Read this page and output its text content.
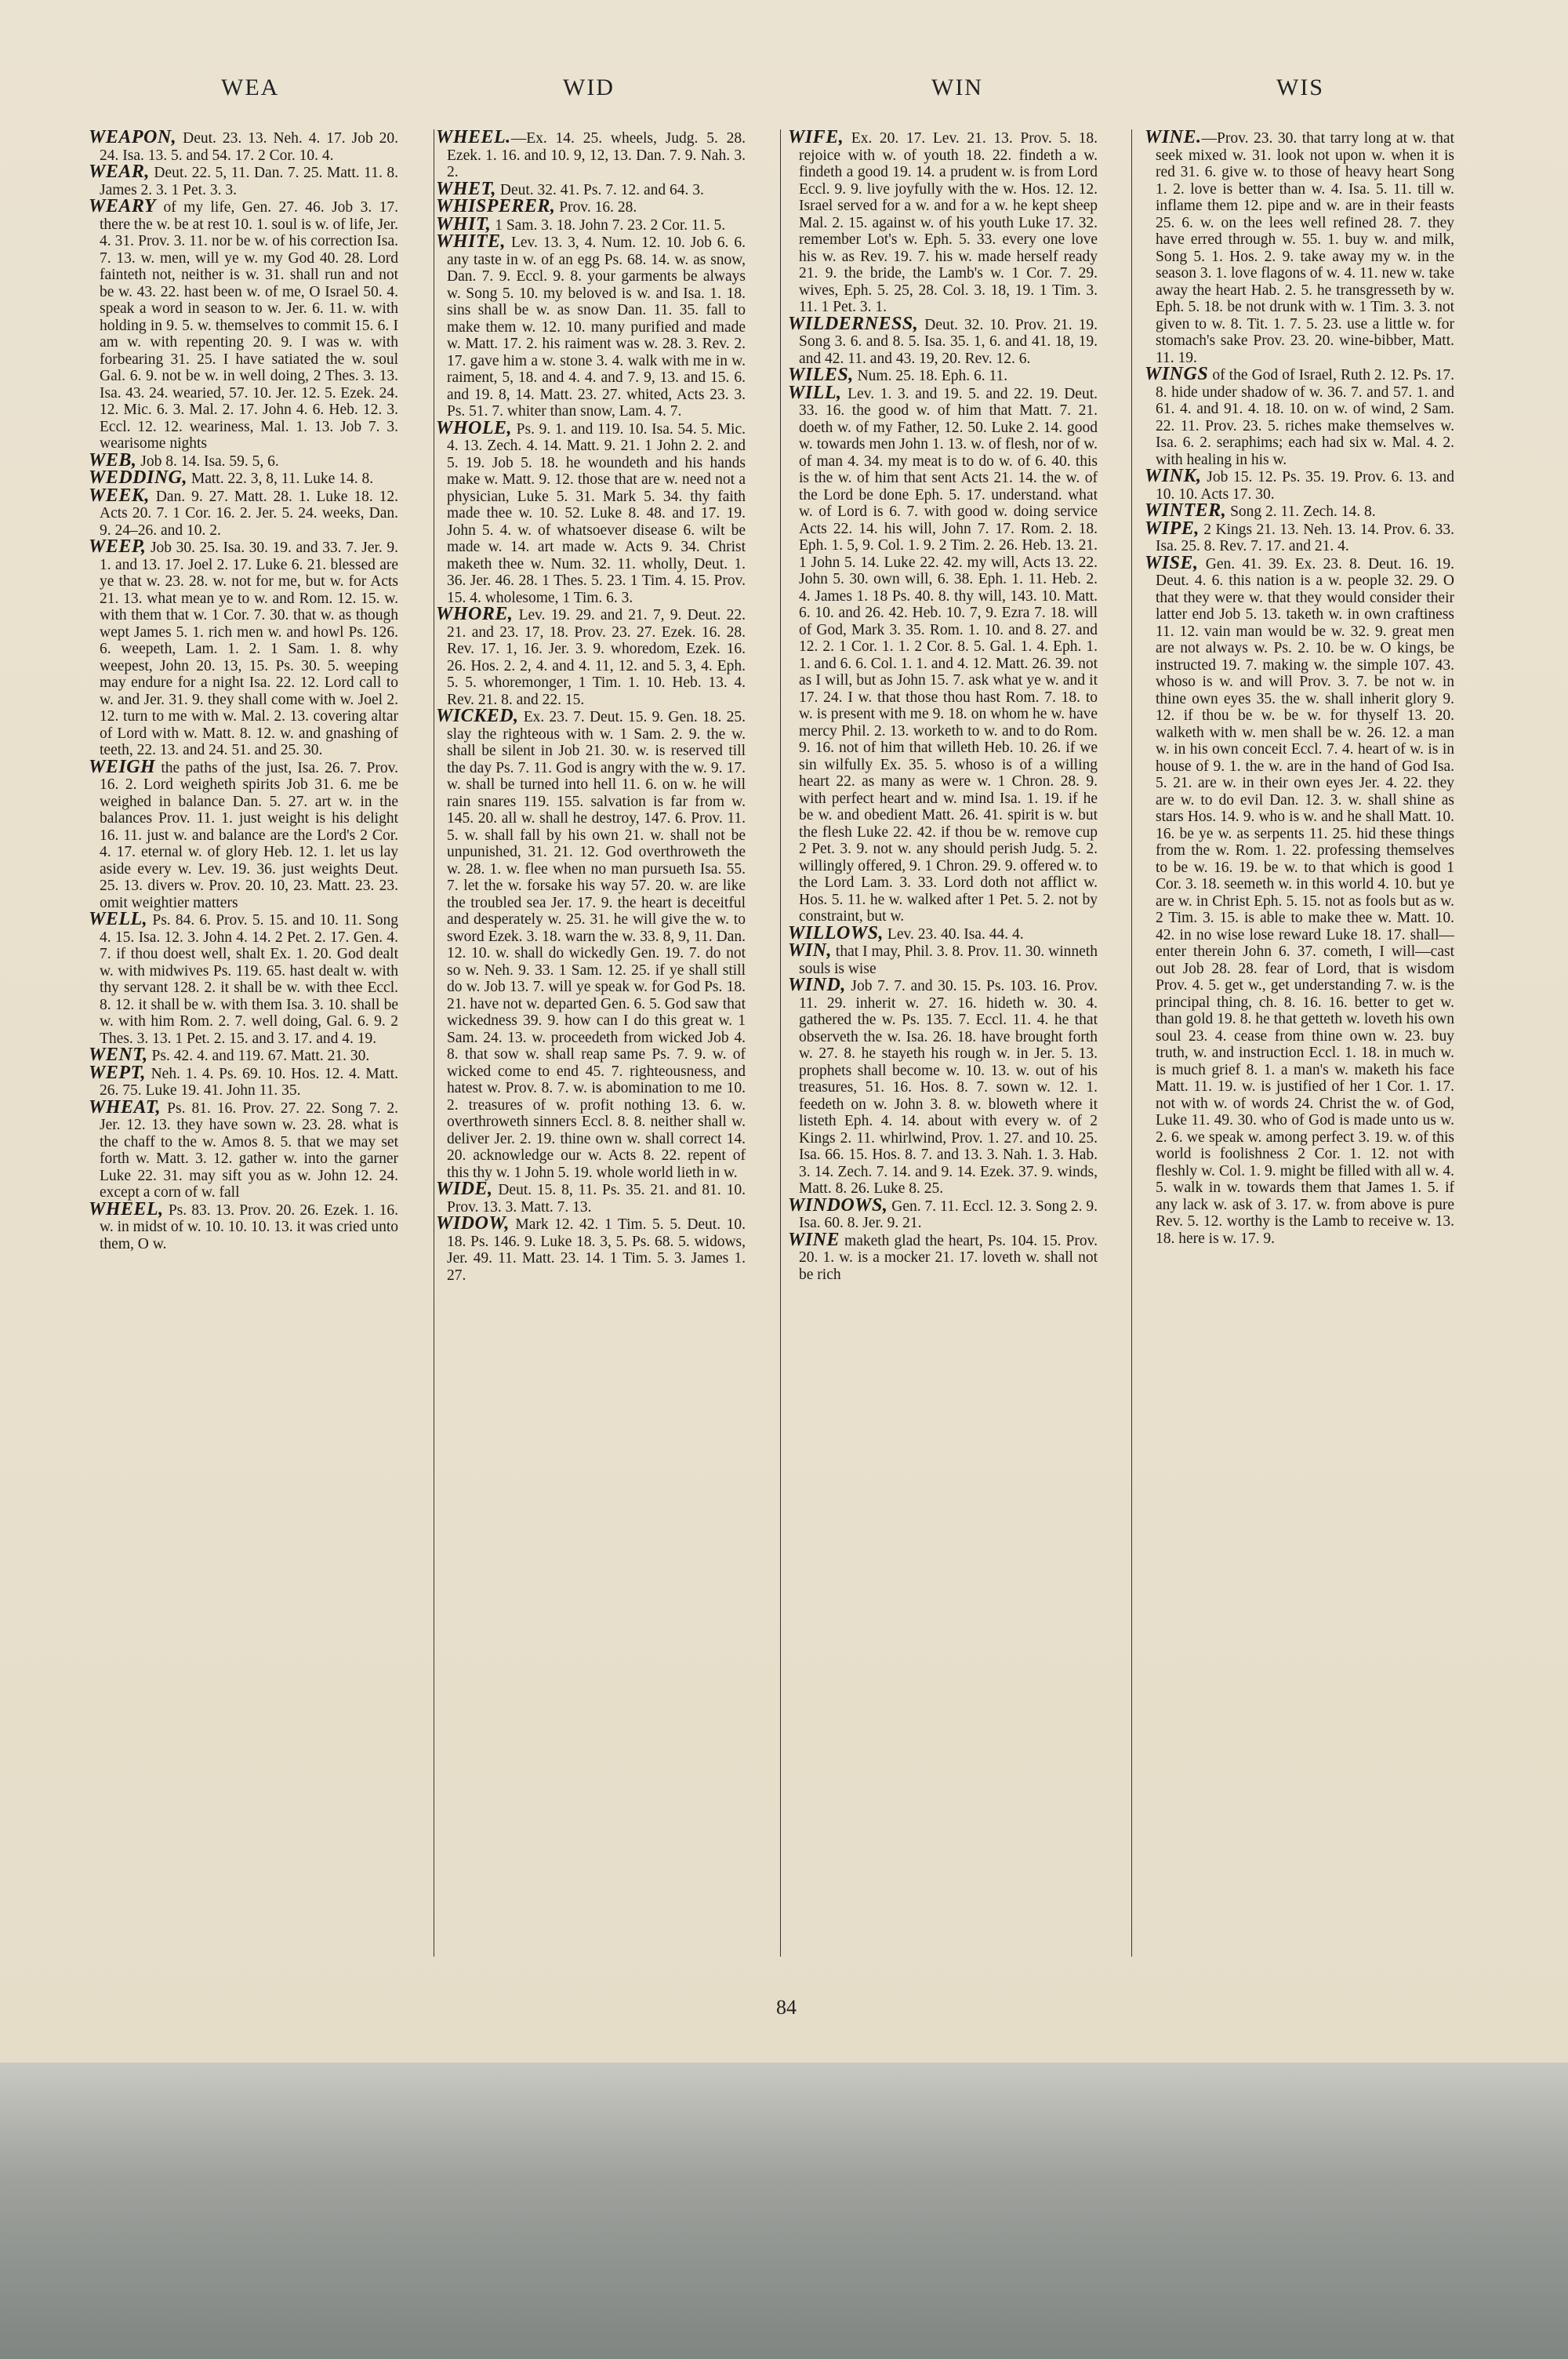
WEA	WID	WIN	WIS

WEAPON, Deut. 23. 13. Neh. 4. 17. Job 20. 24. Isa. 13. 5. and 54. 17. 2 Cor. 10. 4.

WEAR, Deut. 22. 5, 11. Dan. 7. 25. Matt. 11. 8. James 2. 3. 1 Pet. 3. 3.

WEARY of my life, Gen. 27. 46. Job 3. 17. there the w. be at rest 10. 1. soul is w. of life, Jer. 4. 31. Prov. 3. 11. nor be w. of his correction Isa. 7. 13. w. men, will ye w. my God 40. 28. Lord fainteth not, neither is w. 31. shall run and not be w. 43. 22. hast been w. of me, O Israel 50. 4. speak a word in season to w. Jer. 6. 11. w. with holding in 9. 5. w. themselves to commit 15. 6. I am w. with repenting 20. 9. I was w. with forbearing 31. 25. I have satiated the w. soul Gal. 6. 9. not be w. in well doing, 2 Thes. 3. 13. Isa. 43. 24. wearied, 57. 10. Jer. 12. 5. Ezek. 24. 12. Mic. 6. 3. Mal. 2. 17. John 4. 6. Heb. 12. 3. Eccl. 12. 12. weariness, Mal. 1. 13. Job 7. 3. wearisome nights

WEB, Job 8. 14. Isa. 59. 5, 6.

WEDDING, Matt. 22. 3, 8, 11. Luke 14. 8.

WEEK, Dan. 9. 27. Matt. 28. 1. Luke 18. 12. Acts 20. 7. 1 Cor. 16. 2. Jer. 5. 24. weeks, Dan. 9. 24–26. and 10. 2.

WEEP, Job 30. 25. Isa. 30. 19. and 33. 7. Jer. 9. 1. and 13. 17. Joel 2. 17. Luke 6. 21. blessed are ye that w. 23. 28. w. not for me, but w. for Acts 21. 13. what mean ye to w. and Rom. 12. 15. w. with them that w. 1 Cor. 7. 30. that w. as though wept James 5. 1. rich men w. and howl Ps. 126. 6. weepeth, Lam. 1. 2. 1 Sam. 1. 8. why weepest, John 20. 13, 15. Ps. 30. 5. weeping may endure for a night Isa. 22. 12. Lord call to w. and Jer. 31. 9. they shall come with w. Joel 2. 12. turn to me with w. Mal. 2. 13. covering altar of Lord with w. Matt. 8. 12. w. and gnashing of teeth, 22. 13. and 24. 51. and 25. 30.

WEIGH the paths of the just, Isa. 26. 7. Prov. 16. 2. Lord weigheth spirits Job 31. 6. me be weighed in balance Dan. 5. 27. art w. in the balances Prov. 11. 1. just weight is his delight 16. 11. just w. and balance are the Lord's 2 Cor. 4. 17. eternal w. of glory Heb. 12. 1. let us lay aside every w. Lev. 19. 36. just weights Deut. 25. 13. divers w. Prov. 20. 10, 23. Matt. 23. 23. omit weightier matters

WELL, Ps. 84. 6. Prov. 5. 15. and 10. 11. Song 4. 15. Isa. 12. 3. John 4. 14. 2 Pet. 2. 17. Gen. 4. 7. if thou doest well, shalt Ex. 1. 20. God dealt w. with midwives Ps. 119. 65. hast dealt w. with thy servant 128. 2. it shall be w. with thee Eccl. 8. 12. it shall be w. with them Isa. 3. 10. shall be w. with him Rom. 2. 7. well doing, Gal. 6. 9. 2 Thes. 3. 13. 1 Pet. 2. 15. and 3. 17. and 4. 19.

WENT, Ps. 42. 4. and 119. 67. Matt. 21. 30.

WEPT, Neh. 1. 4. Ps. 69. 10. Hos. 12. 4. Matt. 26. 75. Luke 19. 41. John 11. 35.

WHEAT, Ps. 81. 16. Prov. 27. 22. Song 7. 2. Jer. 12. 13. they have sown w. 23. 28. what is the chaff to the w. Amos 8. 5. that we may set forth w. Matt. 3. 12. gather w. into the garner Luke 22. 31. may sift you as w. John 12. 24. except a corn of w. fall

WHEEL, Ps. 83. 13. Prov. 20. 26. Ezek. 1. 16. w. in midst of w. 10. 10. 10. 13. it was cried unto them, O w.

WHEEL.—Ex. 14. 25. wheels, Judg. 5. 28. Ezek. 1. 16. and 10. 9, 12, 13. Dan. 7. 9. Nah. 3. 2.

WHET, Deut. 32. 41. Ps. 7. 12. and 64. 3.

WHISPERER, Prov. 16. 28.

WHIT, 1 Sam. 3. 18. John 7. 23. 2 Cor. 11. 5.

WHITE, Lev. 13. 3, 4. Num. 12. 10. Job 6. 6. any taste in w. of an egg Ps. 68. 14. w. as snow, Dan. 7. 9. Eccl. 9. 8. your garments be always w. Song 5. 10. my beloved is w. and Isa. 1. 18. sins shall be w. as snow Dan. 11. 35. fall to make them w. 12. 10. many purified and made w. Matt. 17. 2. his raiment was w. 28. 3. Rev. 2. 17. gave him a w. stone 3. 4. walk with me in w. raiment, 5, 18. and 4. 4. and 7. 9, 13. and 15. 6. and 19. 8, 14. Matt. 23. 27. whited, Acts 23. 3. Ps. 51. 7. whiter than snow, Lam. 4. 7.

WHOLE, Ps. 9. 1. and 119. 10. Isa. 54. 5. Mic. 4. 13. Zech. 4. 14. Matt. 9. 21. 1 John 2. 2. and 5. 19. Job 5. 18. he woundeth and his hands make w. Matt. 9. 12. those that are w. need not a physician, Luke 5. 31. Mark 5. 34. thy faith made thee w. 10. 52. Luke 8. 48. and 17. 19. John 5. 4. w. of whatsoever disease 6. wilt be made w. 14. art made w. Acts 9. 34. Christ maketh thee w. Num. 32. 11. wholly, Deut. 1. 36. Jer. 46. 28. 1 Thes. 5. 23. 1 Tim. 4. 15. Prov. 15. 4. wholesome, 1 Tim. 6. 3.

WHORE, Lev. 19. 29. and 21. 7, 9. Deut. 22. 21. and 23. 17, 18. Prov. 23. 27. Ezek. 16. 28. Rev. 17. 1, 16. Jer. 3. 9. whoredom, Ezek. 16. 26. Hos. 2. 2, 4. and 4. 11, 12. and 5. 3, 4. Eph. 5. 5. whoremonger, 1 Tim. 1. 10. Heb. 13. 4. Rev. 21. 8. and 22. 15.

WICKED, Ex. 23. 7. Deut. 15. 9. Gen. 18. 25. slay the righteous with w. 1 Sam. 2. 9. the w. shall be silent in Job 21. 30. w. is reserved till the day Ps. 7. 11. God is angry with the w. 9. 17. w. shall be turned into hell 11. 6. on w. he will rain snares 119. 155. salvation is far from w. 145. 20. all w. shall he destroy, 147. 6. Prov. 11. 5. w. shall fall by his own 21. w. shall not be unpunished, 31. 21. 12. God overthroweth the w. 28. 1. w. flee when no man pursueth Isa. 55. 7. let the w. forsake his way 57. 20. w. are like the troubled sea Jer. 17. 9. the heart is deceitful and desperately w. 25. 31. he will give the w. to sword Ezek. 3. 18. warn the w. 33. 8, 9, 11. Dan. 12. 10. w. shall do wickedly Gen. 19. 7. do not so w. Neh. 9. 33. 1 Sam. 12. 25. if ye shall still do w. Job 13. 7. will ye speak w. for God Ps. 18. 21. have not w. departed Gen. 6. 5. God saw that wickedness 39. 9. how can I do this great w. 1 Sam. 24. 13. w. proceedeth from wicked Job 4. 8. that sow w. shall reap same Ps. 7. 9. w. of wicked come to end 45. 7. righteousness, and hatest w. Prov. 8. 7. w. is abomination to me 10. 2. treasures of w. profit nothing 13. 6. w. overthroweth sinners Eccl. 8. 8. neither shall w. deliver Jer. 2. 19. thine own w. shall correct 14. 20. acknowledge our w. Acts 8. 22. repent of this thy w. 1 John 5. 19. whole world lieth in w.

WIDE, Deut. 15. 8, 11. Ps. 35. 21. and 81. 10. Prov. 13. 3. Matt. 7. 13.

WIDOW, Mark 12. 42. 1 Tim. 5. 5. Deut. 10. 18. Ps. 146. 9. Luke 18. 3, 5. Ps. 68. 5. widows, Jer. 49. 11. Matt. 23. 14. 1 Tim. 5. 3. James 1. 27.

WIFE, Ex. 20. 17. Lev. 21. 13. Prov. 5. 18. rejoice with w. of youth 18. 22. findeth a w. findeth a good 19. 14. a prudent w. is from Lord Eccl. 9. 9. live joyfully with the w. Hos. 12. 12. Israel served for a w. and for a w. he kept sheep Mal. 2. 15. against w. of his youth Luke 17. 32. remember Lot's w. Eph. 5. 33. every one love his w. as Rev. 19. 7. his w. made herself ready 21. 9. the bride, the Lamb's w. 1 Cor. 7. 29. wives, Eph. 5. 25, 28. Col. 3. 18, 19. 1 Tim. 3. 11. 1 Pet. 3. 1.

WILDERNESS, Deut. 32. 10. Prov. 21. 19. Song 3. 6. and 8. 5. Isa. 35. 1, 6. and 41. 18, 19. and 42. 11. and 43. 19, 20. Rev. 12. 6.

WILES, Num. 25. 18. Eph. 6. 11.

WILL, Lev. 1. 3. and 19. 5. and 22. 19. Deut. 33. 16. the good w. of him that Matt. 7. 21. doeth w. of my Father, 12. 50. Luke 2. 14. good w. towards men John 1. 13. w. of flesh, nor of w. of man 4. 34. my meat is to do w. of 6. 40. this is the w. of him that sent Acts 21. 14. the w. of the Lord be done Eph. 5. 17. understand. what w. of Lord is 6. 7. with good w. doing service Acts 22. 14. his will, John 7. 17. Rom. 2. 18. Eph. 1. 5, 9. Col. 1. 9. 2 Tim. 2. 26. Heb. 13. 21. 1 John 5. 14. Luke 22. 42. my will, Acts 13. 22. John 5. 30. own will, 6. 38. Eph. 1. 11. Heb. 2. 4. James 1. 18 Ps. 40. 8. thy will, 143. 10. Matt. 6. 10. and 26. 42. Heb. 10. 7, 9. Ezra 7. 18. will of God, Mark 3. 35. Rom. 1. 10. and 8. 27. and 12. 2. 1 Cor. 1. 1. 2 Cor. 8. 5. Gal. 1. 4. Eph. 1. 1. and 6. 6. Col. 1. 1. and 4. 12. Matt. 26. 39. not as I will, but as John 15. 7. ask what ye w. and it 17. 24. I w. that those thou hast Rom. 7. 18. to w. is present with me 9. 18. on whom he w. have mercy Phil. 2. 13. worketh to w. and to do Rom. 9. 16. not of him that willeth Heb. 10. 26. if we sin wilfully Ex. 35. 5. whoso is of a willing heart 22. as many as were w. 1 Chron. 28. 9. with perfect heart and w. mind Isa. 1. 19. if he be w. and obedient Matt. 26. 41. spirit is w. but the flesh Luke 22. 42. if thou be w. remove cup 2 Pet. 3. 9. not w. any should perish Judg. 5. 2. willingly offered, 9. 1 Chron. 29. 9. offered w. to the Lord Lam. 3. 33. Lord doth not afflict w. Hos. 5. 11. he w. walked after 1 Pet. 5. 2. not by constraint, but w.

WILLOWS, Lev. 23. 40. Isa. 44. 4.

WIN, that I may, Phil. 3. 8. Prov. 11. 30. winneth souls is wise

WIND, Job 7. 7. and 30. 15. Ps. 103. 16. Prov. 11. 29. inherit w. 27. 16. hideth w. 30. 4. gathered the w. Ps. 135. 7. Eccl. 11. 4. he that observeth the w. Isa. 26. 18. have brought forth w. 27. 8. he stayeth his rough w. in Jer. 5. 13. prophets shall become w. 10. 13. w. out of his treasures, 51. 16. Hos. 8. 7. sown w. 12. 1. feedeth on w. John 3. 8. w. bloweth where it listeth Eph. 4. 14. about with every w. of 2 Kings 2. 11. whirlwind, Prov. 1. 27. and 10. 25. Isa. 66. 15. Hos. 8. 7. and 13. 3. Nah. 1. 3. Hab. 3. 14. Zech. 7. 14. and 9. 14. Ezek. 37. 9. winds, Matt. 8. 26. Luke 8. 25.

WINDOWS, Gen. 7. 11. Eccl. 12. 3. Song 2. 9. Isa. 60. 8. Jer. 9. 21.

WINE maketh glad the heart, Ps. 104. 15. Prov. 20. 1. w. is a mocker 21. 17. loveth w. shall not be rich

WINE.—Prov. 23. 30. that tarry long at w. that seek mixed w. 31. look not upon w. when it is red 31. 6. give w. to those of heavy heart Song 1. 2. love is better than w. 4. Isa. 5. 11. till w. inflame them 12. pipe and w. are in their feasts 25. 6. w. on the lees well refined 28. 7. they have erred through w. 55. 1. buy w. and milk, Song 5. 1. Hos. 2. 9. take away my w. in the season 3. 1. love flagons of w. 4. 11. new w. take away the heart Hab. 2. 5. he transgresseth by w. Eph. 5. 18. be not drunk with w. 1 Tim. 3. 3. not given to w. 8. Tit. 1. 7. 5. 23. use a little w. for stomach's sake Prov. 23. 20. wine-bibber, Matt. 11. 19.

WINGS of the God of Israel, Ruth 2. 12. Ps. 17. 8. hide under shadow of w. 36. 7. and 57. 1. and 61. 4. and 91. 4. 18. 10. on w. of wind, 2 Sam. 22. 11. Prov. 23. 5. riches make themselves w. Isa. 6. 2. seraphims; each had six w. Mal. 4. 2. with healing in his w.

WINK, Job 15. 12. Ps. 35. 19. Prov. 6. 13. and 10. 10. Acts 17. 30.

WINTER, Song 2. 11. Zech. 14. 8.

WIPE, 2 Kings 21. 13. Neh. 13. 14. Prov. 6. 33. Isa. 25. 8. Rev. 7. 17. and 21. 4.

WISE, Gen. 41. 39. Ex. 23. 8. Deut. 16. 19. Deut. 4. 6. this nation is a w. people 32. 29. O that they were w. that they would consider their latter end Job 5. 13. taketh w. in own craftiness 11. 12. vain man would be w. 32. 9. great men are not always w. Ps. 2. 10. be w. O kings, be instructed 19. 7. making w. the simple 107. 43. whoso is w. and will Prov. 3. 7. be not w. in thine own eyes 35. the w. shall inherit glory 9. 12. if thou be w. be w. for thyself 13. 20. walketh with w. men shall be w. 26. 12. a man w. in his own conceit Eccl. 7. 4. heart of w. is in house of 9. 1. the w. are in the hand of God Isa. 5. 21. are w. in their own eyes Jer. 4. 22. they are w. to do evil Dan. 12. 3. w. shall shine as stars Hos. 14. 9. who is w. and he shall Matt. 10. 16. be ye w. as serpents 11. 25. hid these things from the w. Rom. 1. 22. professing themselves to be w. 16. 19. be w. to that which is good 1 Cor. 3. 18. seemeth w. in this world 4. 10. but ye are w. in Christ Eph. 5. 15. not as fools but as w. 2 Tim. 3. 15. is able to make thee w. Matt. 10. 42. in no wise lose reward Luke 18. 17. shall—enter therein John 6. 37. cometh, I will—cast out Job 28. 28. fear of Lord, that is wisdom Prov. 4. 5. get w., get understanding 7. w. is the principal thing, ch. 8. 16. 16. better to get w. than gold 19. 8. he that getteth w. loveth his own soul 23. 4. cease from thine own w. 23. buy truth, w. and instruction Eccl. 1. 18. in much w. is much grief 8. 1. a man's w. maketh his face Matt. 11. 19. w. is justified of her 1 Cor. 1. 17. not with w. of words 24. Christ the w. of God, Luke 11. 49. 30. who of God is made unto us w. 2. 6. we speak w. among perfect 3. 19. w. of this world is foolishness 2 Cor. 1. 12. not with fleshly w. Col. 1. 9. might be filled with all w. 4. 5. walk in w. towards them that James 1. 5. if any lack w. ask of 3. 17. w. from above is pure Rev. 5. 12. worthy is the Lamb to receive w. 13. 18. here is w. 17. 9.

84
